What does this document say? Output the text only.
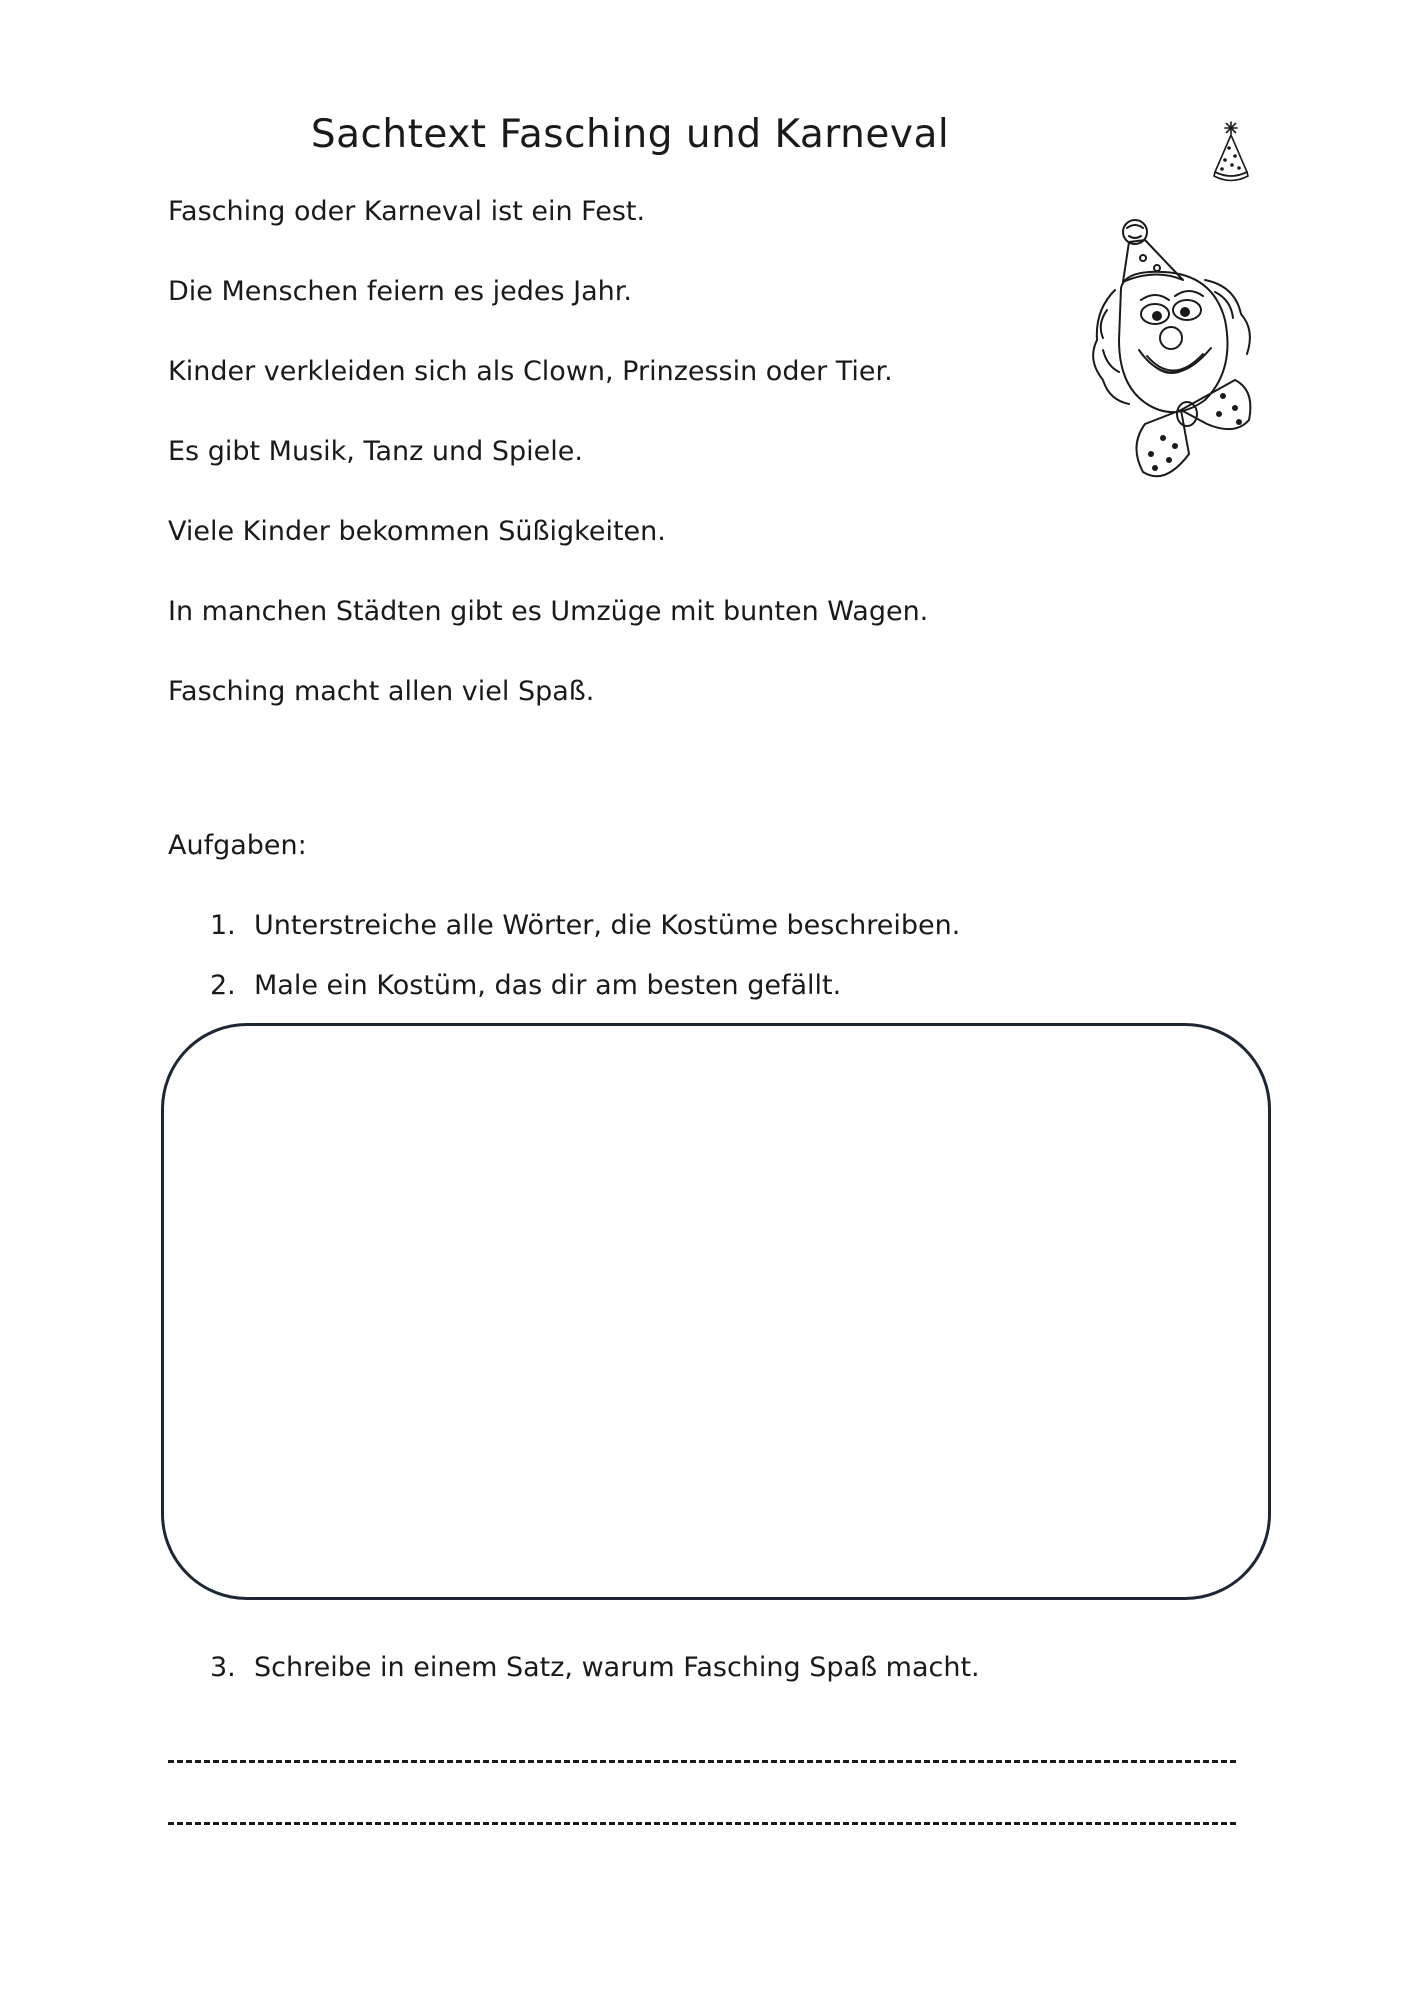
Sachtext Fasching und Karneval

Fasching oder Karneval ist ein Fest.

Die Menschen feiern es jedes Jahr.

Kinder verkleiden sich als Clown, Prinzessin oder Tier.

Es gibt Musik, Tanz und Spiele.

Viele Kinder bekommen Süßigkeiten.

In manchen Städten gibt es Umzüge mit bunten Wagen.

Fasching macht allen viel Spaß.

Aufgaben:

1. Unterstreiche alle Wörter, die Kostüme beschreiben.

2. Male ein Kostüm, das dir am besten gefällt.

3. Schreibe in einem Satz, warum Fasching Spaß macht.
